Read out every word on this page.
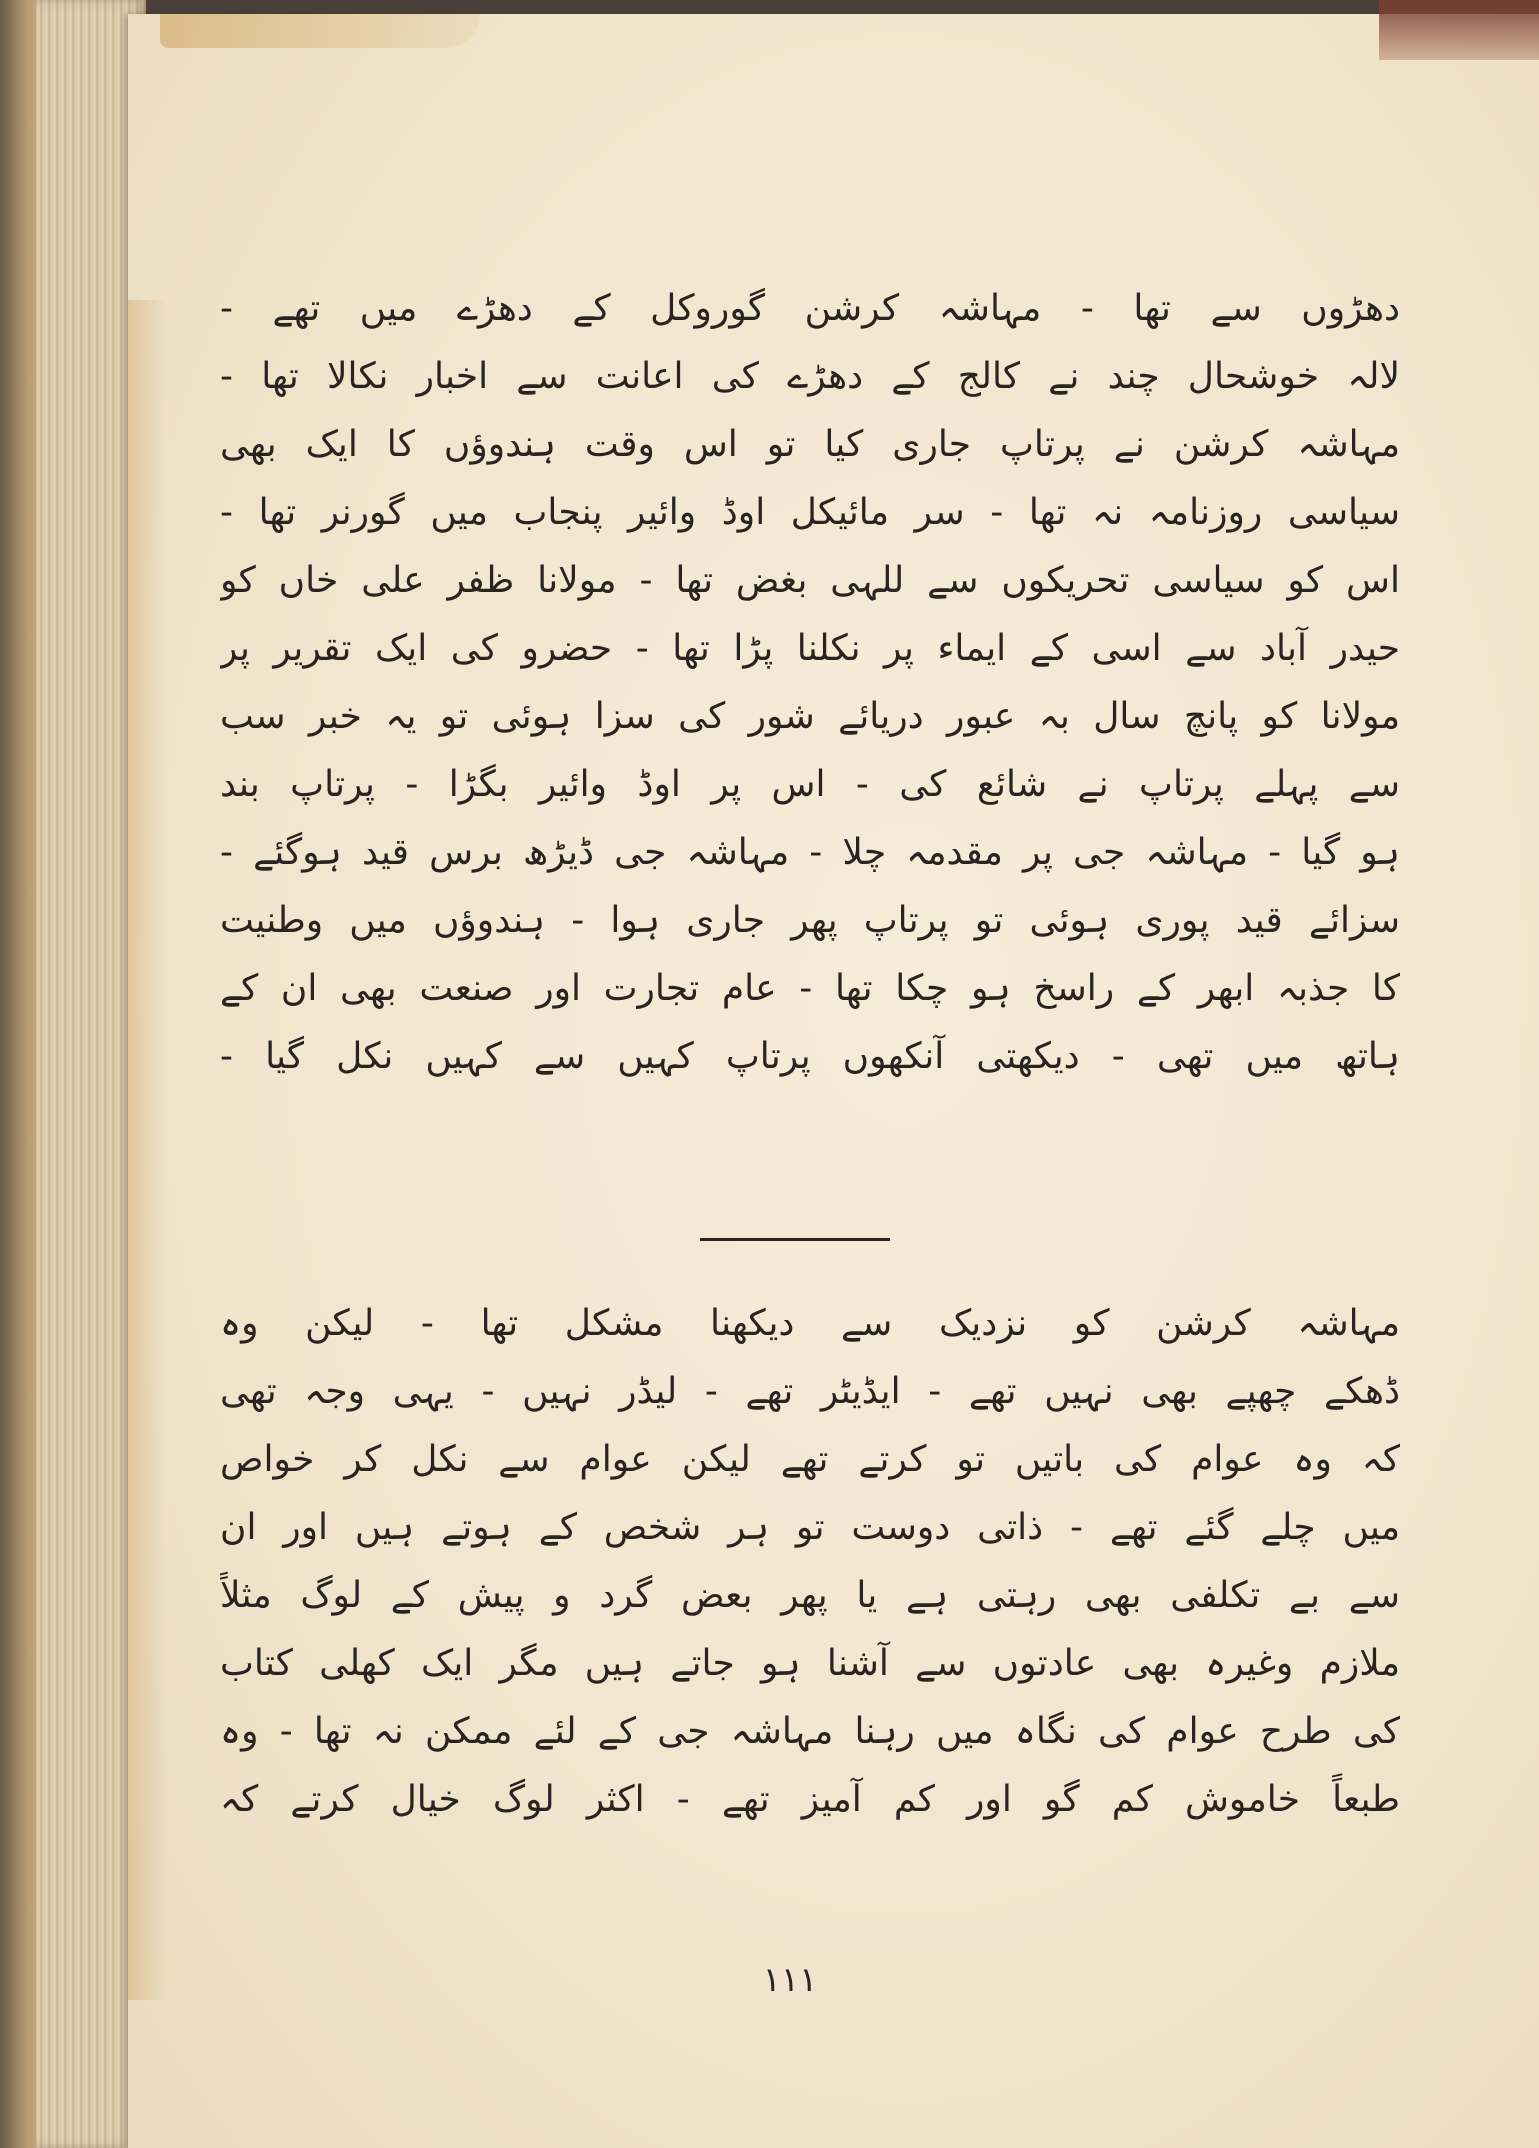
دھڑوں سے تھا - مہاشہ کرشن گوروکل کے دھڑے میں تھے -
لالہ خوشحال چند نے کالج کے دھڑے کی اعانت سے اخبار نکالا تھا -
مہاشہ کرشن نے پرتاپ جاری کیا تو اس وقت ہندوؤں کا ایک بھی
سیاسی روزنامہ نہ تھا - سر مائیکل اوڈ وائیر پنجاب میں گورنر تھا -
اس کو سیاسی تحریکوں سے للہی بغض تھا - مولانا ظفر علی خاں کو
حیدر آباد سے اسی کے ایماء پر نکلنا پڑا تھا - حضرو کی ایک تقریر پر
مولانا کو پانچ سال بہ عبور دریائے شور کی سزا ہوئی تو یہ خبر سب
سے پہلے پرتاپ نے شائع کی - اس پر اوڈ وائیر بگڑا - پرتاپ بند
ہو گیا - مہاشہ جی پر مقدمہ چلا - مہاشہ جی ڈیڑھ برس قید ہوگئے -
سزائے قید پوری ہوئی تو پرتاپ پھر جاری ہوا - ہندوؤں میں وطنیت
کا جذبہ ابھر کے راسخ ہو چکا تھا - عام تجارت اور صنعت بھی ان کے
ہاتھ میں تھی - دیکھتی آنکھوں پرتاپ کہیں سے کہیں نکل گیا -
مہاشہ کرشن کو نزدیک سے دیکھنا مشکل تھا - لیکن وہ
ڈھکے چھپے بھی نہیں تھے - ایڈیٹر تھے - لیڈر نہیں - یہی وجہ تھی
کہ وہ عوام کی باتیں تو کرتے تھے لیکن عوام سے نکل کر خواص
میں چلے گئے تھے - ذاتی دوست تو ہر شخص کے ہوتے ہیں اور ان
سے بے تکلفی بھی رہتی ہے یا پھر بعض گرد و پیش کے لوگ مثلاً
ملازم وغیرہ بھی عادتوں سے آشنا ہو جاتے ہیں مگر ایک کھلی کتاب
کی طرح عوام کی نگاہ میں رہنا مہاشہ جی کے لئے ممکن نہ تھا - وہ
طبعاً خاموش کم گو اور کم آمیز تھے - اکثر لوگ خیال کرتے کہ
۱۱۱
